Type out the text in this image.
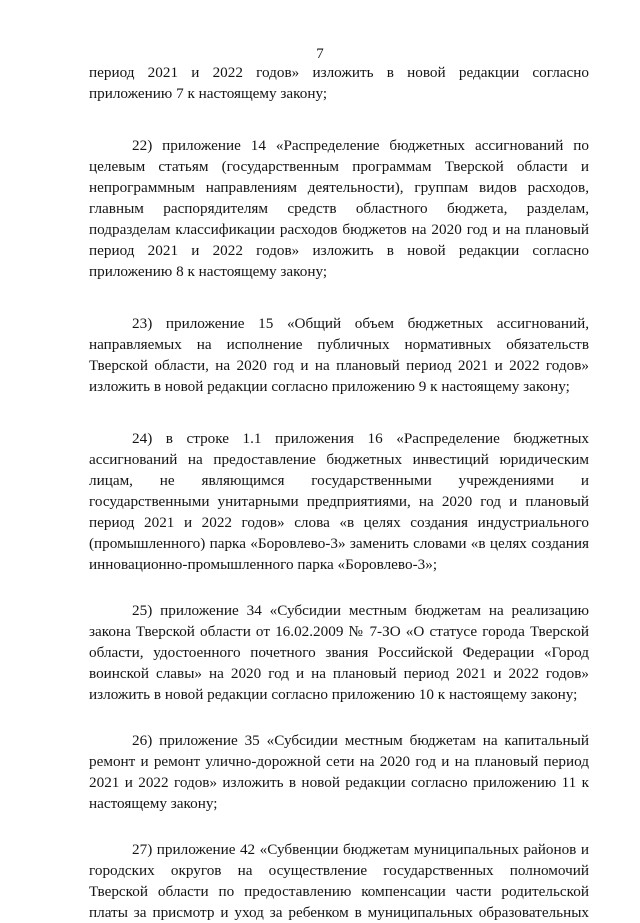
7

период 2021 и 2022 годов» изложить в новой редакции согласно приложению 7 к настоящему закону;

22) приложение 14 «Распределение бюджетных ассигнований по целевым статьям (государственным программам Тверской области и непрограммным направлениям деятельности), группам видов расходов, главным распорядителям средств областного бюджета, разделам, подразделам классификации расходов бюджетов на 2020 год и на плановый период 2021 и 2022 годов» изложить в новой редакции согласно приложению 8 к настоящему закону;

23) приложение 15 «Общий объем бюджетных ассигнований, направляемых на исполнение публичных нормативных обязательств Тверской области, на 2020 год и на плановый период 2021 и 2022 годов» изложить в новой редакции согласно приложению 9 к настоящему закону;

24) в строке 1.1 приложения 16 «Распределение бюджетных ассигнований на предоставление бюджетных инвестиций юридическим лицам, не являющимся государственными учреждениями и государственными унитарными предприятиями, на 2020 год и плановый период 2021 и 2022 годов» слова «в целях создания индустриального (промышленного) парка «Боровлево-3» заменить словами «в целях создания инновационно-промышленного парка «Боровлево-3»;

25) приложение 34 «Субсидии местным бюджетам на реализацию закона Тверской области от 16.02.2009 № 7-ЗО «О статусе города Тверской области, удостоенного почетного звания Российской Федерации «Город воинской славы» на 2020 год и на плановый период 2021 и 2022 годов» изложить в новой редакции согласно приложению 10 к настоящему закону;

26) приложение 35 «Субсидии местным бюджетам на капитальный ремонт и ремонт улично-дорожной сети на 2020 год и на плановый период 2021 и 2022 годов» изложить в новой редакции согласно приложению 11 к настоящему закону;

27) приложение 42 «Субвенции бюджетам муниципальных районов и городских округов на осуществление государственных полномочий Тверской области по предоставлению компенсации части родительской платы за присмотр и уход за ребенком в муниципальных образовательных
